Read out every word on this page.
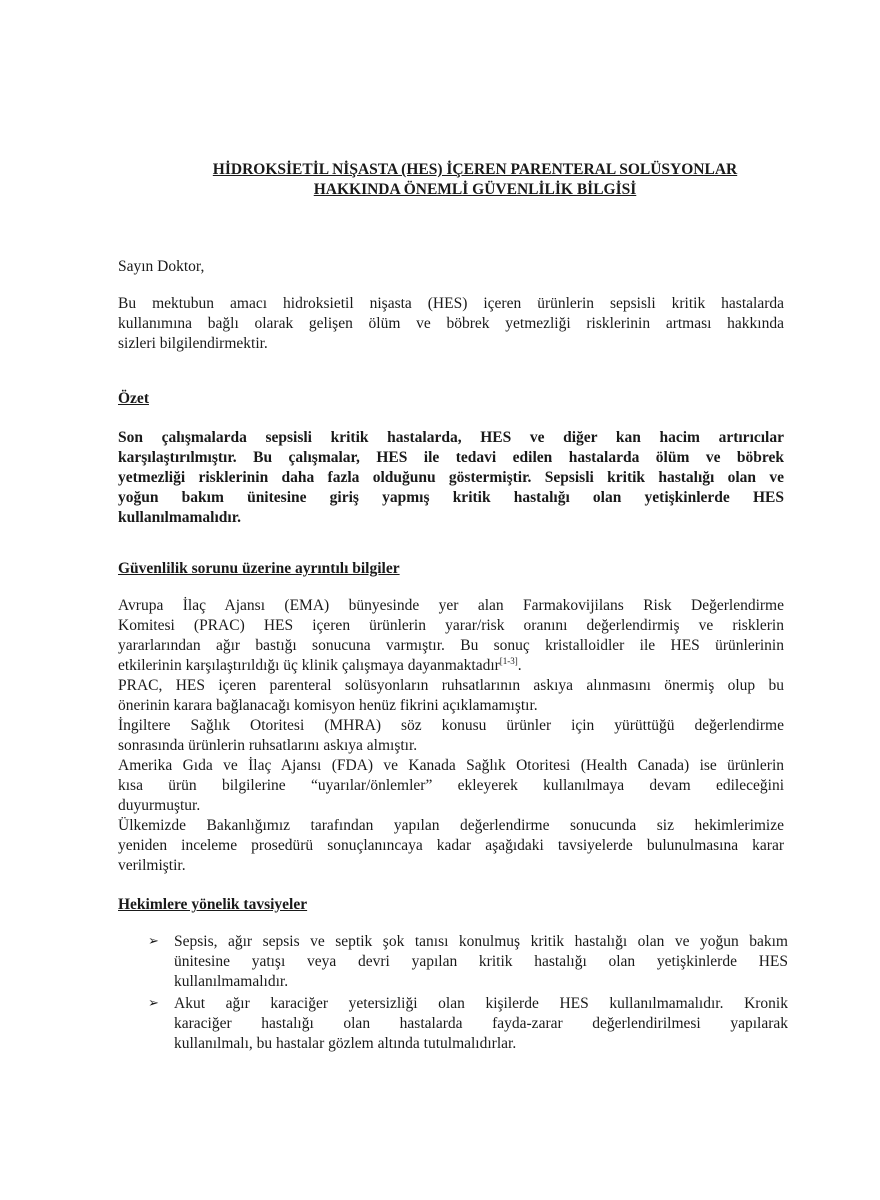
HİDROKSİETİL NİŞASTA (HES) İÇEREN PARENTERAL SOLÜSYONLAR
HAKKINDA ÖNEMLİ GÜVENLİLİK BİLGİSİ
Sayın Doktor,
Bu mektubun amacı hidroksietil nişasta (HES) içeren ürünlerin sepsisli kritik hastalarda
kullanımına bağlı olarak gelişen ölüm ve böbrek yetmezliği risklerinin artması hakkında
sizleri bilgilendirmektir.
Özet
Son çalışmalarda sepsisli kritik hastalarda, HES ve diğer kan hacim artırıcılar
karşılaştırılmıştır. Bu çalışmalar, HES ile tedavi edilen hastalarda ölüm ve böbrek
yetmezliği risklerinin daha fazla olduğunu göstermiştir. Sepsisli kritik hastalığı olan ve
yoğun bakım ünitesine giriş yapmış kritik hastalığı olan yetişkinlerde HES
kullanılmamalıdır.
Güvenlilik sorunu üzerine ayrıntılı bilgiler
Avrupa İlaç Ajansı (EMA) bünyesinde yer alan Farmakovijilans Risk Değerlendirme
Komitesi (PRAC) HES içeren ürünlerin yarar/risk oranını değerlendirmiş ve risklerin
yararlarından ağır bastığı sonucuna varmıştır. Bu sonuç kristalloidler ile HES ürünlerinin
etkilerinin karşılaştırıldığı üç klinik çalışmaya dayanmaktadır[1-3].
PRAC, HES içeren parenteral solüsyonların ruhsatlarının askıya alınmasını önermiş olup bu
önerinin karara bağlanacağı komisyon henüz fikrini açıklamamıştır.
İngiltere Sağlık Otoritesi (MHRA) söz konusu ürünler için yürüttüğü değerlendirme
sonrasında ürünlerin ruhsatlarını askıya almıştır.
Amerika Gıda ve İlaç Ajansı (FDA) ve Kanada Sağlık Otoritesi (Health Canada) ise ürünlerin
kısa ürün bilgilerine “uyarılar/önlemler” ekleyerek kullanılmaya devam edileceğini
duyurmuştur.
Ülkemizde Bakanlığımız tarafından yapılan değerlendirme sonucunda siz hekimlerimize
yeniden inceleme prosedürü sonuçlanıncaya kadar aşağıdaki tavsiyelerde bulunulmasına karar
verilmiştir.
Hekimlere yönelik tavsiyeler
➢ Sepsis, ağır sepsis ve septik şok tanısı konulmuş kritik hastalığı olan ve yoğun bakım
ünitesine yatışı veya devri yapılan kritik hastalığı olan yetişkinlerde HES
kullanılmamalıdır.
➢ Akut ağır karaciğer yetersizliği olan kişilerde HES kullanılmamalıdır. Kronik
karaciğer hastalığı olan hastalarda fayda-zarar değerlendirilmesi yapılarak
kullanılmalı, bu hastalar gözlem altında tutulmalıdırlar.
